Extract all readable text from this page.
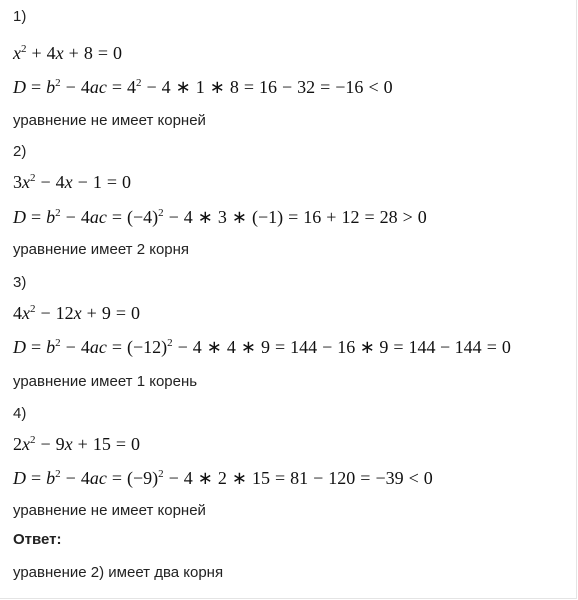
1)
$x^2 + 4x + 8 = 0$
$D = b^2 - 4ac = 4^2 - 4$ ∗ 1 ∗ 8 = 16 − 32 = −16 < 0
уравнение не имеет корней
2)
$3x^2 - 4x - 1 = 0$
$D = b^2 - 4ac = (-4)^2 - 4$ ∗ 3 ∗ (−1) = 16 + 12 = 28 > 0
уравнение имеет 2 корня
3)
$4x^2 - 12x + 9 = 0$
$D = b^2 - 4ac = (-12)^2 - 4$ ∗ 4 ∗ 9 = 144 − 16 ∗ 9 = 144 − 144 = 0
уравнение имеет 1 корень
4)
$2x^2 - 9x + 15 = 0$
$D = b^2 - 4ac = (-9)^2 - 4$ ∗ 2 ∗ 15 = 81 − 120 = −39 < 0
уравнение не имеет корней
Ответ:
уравнение 2) имеет два корня
